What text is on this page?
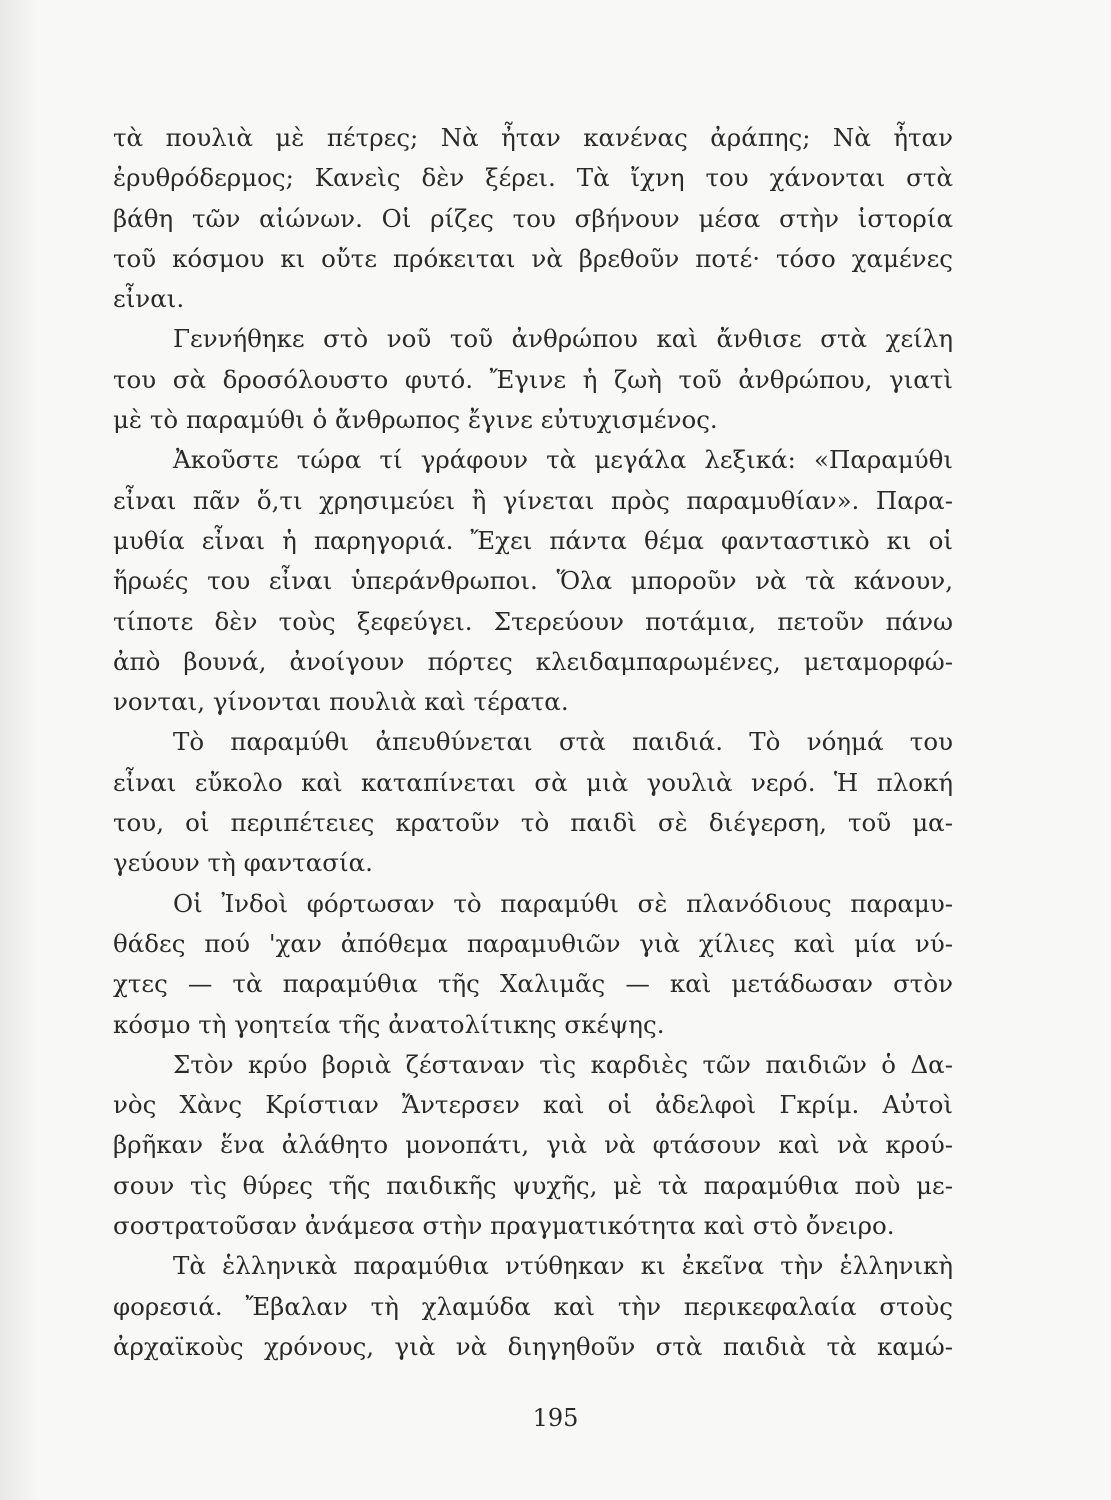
τὰ πουλιὰ μὲ πέτρες; Νὰ ἦταν κανένας ἀράπης; Νὰ ἦταν
ἐρυθρόδερμος; Κανεὶς δὲν ξέρει. Τὰ ἴχνη του χάνονται στὰ
βάθη τῶν αἰώνων. Οἱ ρίζες του σβήνουν μέσα στὴν ἱστορία
τοῦ κόσμου κι οὔτε πρόκειται νὰ βρεθοῦν ποτέ· τόσο χαμένες
εἶναι.
Γεννήθηκε στὸ νοῦ τοῦ ἀνθρώπου καὶ ἄνθισε στὰ χείλη
του σὰ δροσόλουστο φυτό. Ἔγινε ἡ ζωὴ τοῦ ἀνθρώπου, γιατὶ
μὲ τὸ παραμύθι ὁ ἄνθρωπος ἔγινε εὐτυχισμένος.
Ἀκοῦστε τώρα τί γράφουν τὰ μεγάλα λεξικά: «Παραμύθι
εἶναι πᾶν ὅ,τι χρησιμεύει ἢ γίνεται πρὸς παραμυθίαν». Παρα-
μυθία εἶναι ἡ παρηγοριά. Ἔχει πάντα θέμα φανταστικὸ κι οἱ
ἥρωές του εἶναι ὑπεράνθρωποι. Ὅλα μποροῦν νὰ τὰ κάνουν,
τίποτε δὲν τοὺς ξεφεύγει. Στερεύουν ποτάμια, πετοῦν πάνω
ἀπὸ βουνά, ἀνοίγουν πόρτες κλειδαμπαρωμένες, μεταμορφώ-
νονται, γίνονται πουλιὰ καὶ τέρατα.
Τὸ παραμύθι ἀπευθύνεται στὰ παιδιά. Τὸ νόημά του
εἶναι εὔκολο καὶ καταπίνεται σὰ μιὰ γουλιὰ νερό. Ἡ πλοκή
του, οἱ περιπέτειες κρατοῦν τὸ παιδὶ σὲ διέγερση, τοῦ μα-
γεύουν τὴ φαντασία.
Οἱ Ἰνδοὶ φόρτωσαν τὸ παραμύθι σὲ πλανόδιους παραμυ-
θάδες πού 'χαν ἀπόθεμα παραμυθιῶν γιὰ χίλιες καὶ μία νύ-
χτες — τὰ παραμύθια τῆς Χαλιμᾶς — καὶ μετάδωσαν στὸν
κόσμο τὴ γοητεία τῆς ἀνατολίτικης σκέψης.
Στὸν κρύο βοριὰ ζέσταναν τὶς καρδιὲς τῶν παιδιῶν ὁ Δα-
νὸς Χὰνς Κρίστιαν Ἄντερσεν καὶ οἱ ἀδελφοὶ Γκρίμ. Αὐτοὶ
βρῆκαν ἕνα ἀλάθητο μονοπάτι, γιὰ νὰ φτάσουν καὶ νὰ κρού-
σουν τὶς θύρες τῆς παιδικῆς ψυχῆς, μὲ τὰ παραμύθια ποὺ με-
σοστρατοῦσαν ἀνάμεσα στὴν πραγματικότητα καὶ στὸ ὄνειρο.
Τὰ ἑλληνικὰ παραμύθια ντύθηκαν κι ἐκεῖνα τὴν ἑλληνικὴ
φορεσιά. Ἔβαλαν τὴ χλαμύδα καὶ τὴν περικεφαλαία στοὺς
ἀρχαϊκοὺς χρόνους, γιὰ νὰ διηγηθοῦν στὰ παιδιὰ τὰ καμώ-
195
